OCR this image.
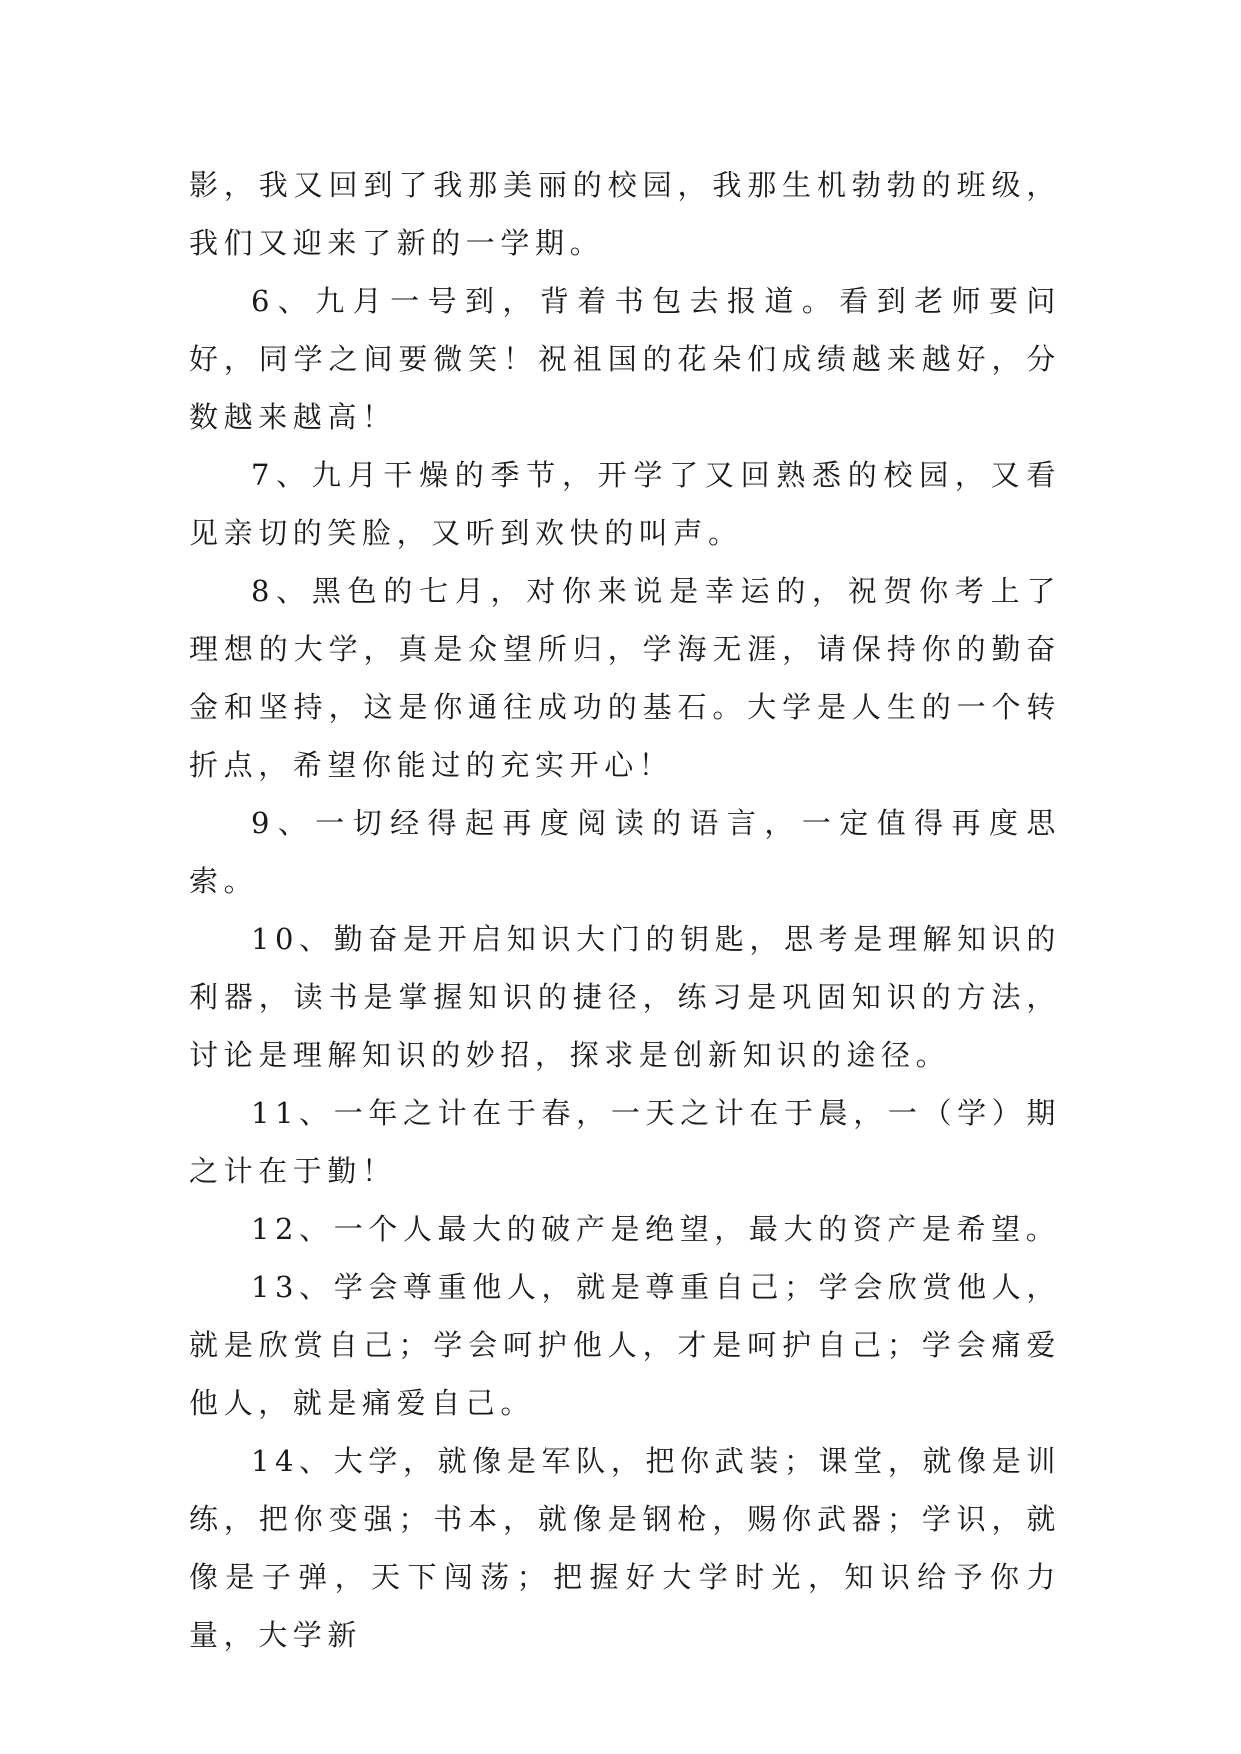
影，我又回到了我那美丽的校园，我那生机勃勃的班级，我们又迎来了新的一学期。

6、九月一号到，背着书包去报道。看到老师要问好，同学之间要微笑！祝祖国的花朵们成绩越来越好，分数越来越高！

7、九月干燥的季节，开学了又回熟悉的校园，又看见亲切的笑脸，又听到欢快的叫声。

8、黑色的七月，对你来说是幸运的，祝贺你考上了理想的大学，真是众望所归，学海无涯，请保持你的勤奋金和坚持，这是你通往成功的基石。大学是人生的一个转折点，希望你能过的充实开心！

9、一切经得起再度阅读的语言，一定值得再度思索。

10、勤奋是开启知识大门的钥匙，思考是理解知识的利器，读书是掌握知识的捷径，练习是巩固知识的方法，讨论是理解知识的妙招，探求是创新知识的途径。

11、一年之计在于春，一天之计在于晨，一（学）期之计在于勤！

12、一个人最大的破产是绝望，最大的资产是希望。

13、学会尊重他人，就是尊重自己；学会欣赏他人，就是欣赏自己；学会呵护他人，才是呵护自己；学会痛爱他人，就是痛爱自己。

14、大学，就像是军队，把你武装；课堂，就像是训练，把你变强；书本，就像是钢枪，赐你武器；学识，就像是子弹，天下闯荡；把握好大学时光，知识给予你力量，大学新
